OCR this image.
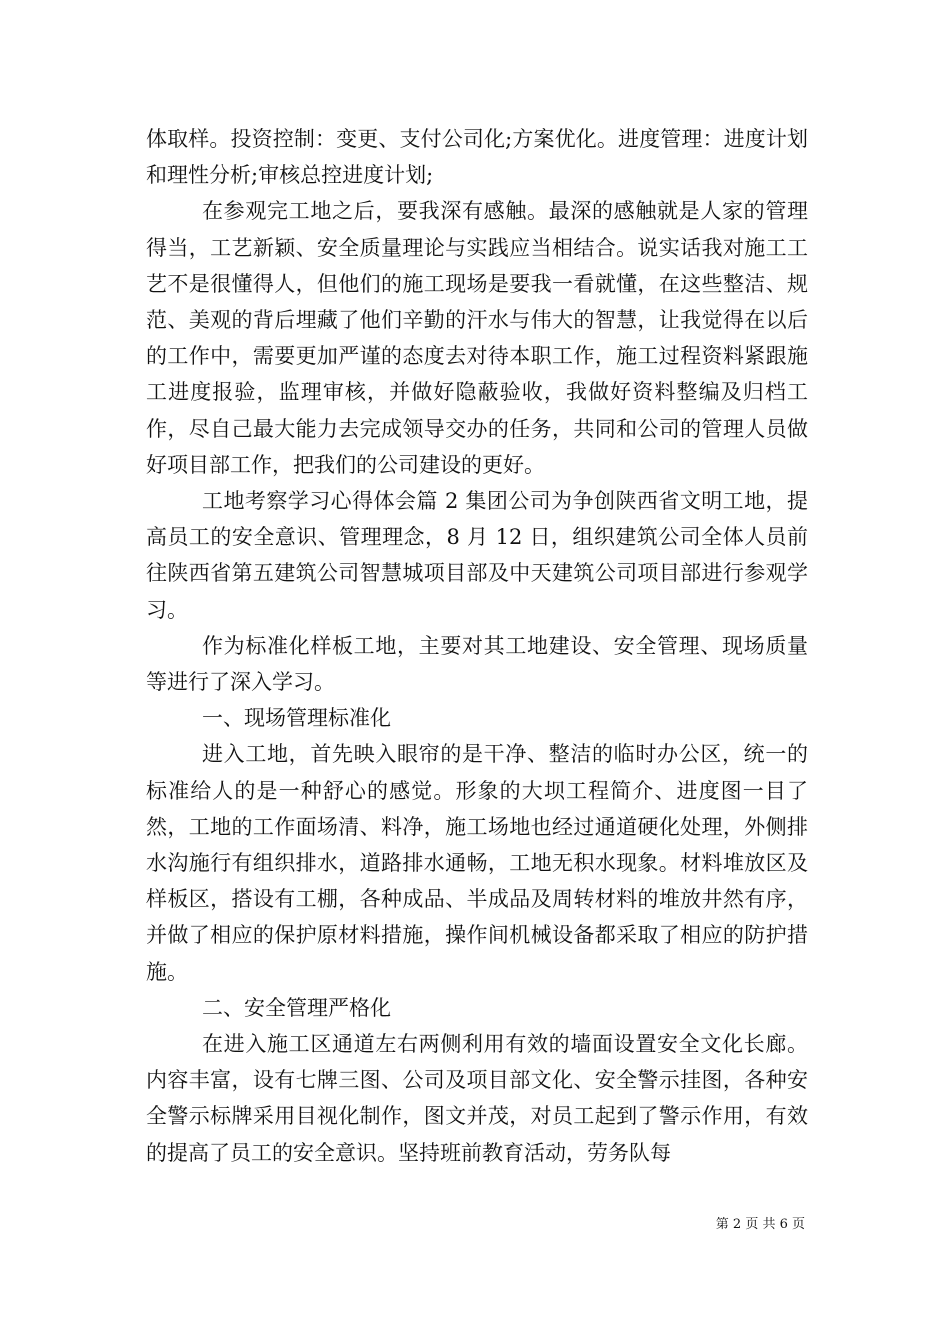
体取样。投资控制：变更、支付公司化;方案优化。进度管理：进度计划和理性分析;审核总控进度计划;

在参观完工地之后，要我深有感触。最深的感触就是人家的管理得当，工艺新颖、安全质量理论与实践应当相结合。说实话我对施工工艺不是很懂得人，但他们的施工现场是要我一看就懂，在这些整洁、规范、美观的背后埋藏了他们辛勤的汗水与伟大的智慧，让我觉得在以后的工作中，需要更加严谨的态度去对待本职工作，施工过程资料紧跟施工进度报验，监理审核，并做好隐蔽验收，我做好资料整编及归档工作，尽自己最大能力去完成领导交办的任务，共同和公司的管理人员做好项目部工作，把我们的公司建设的更好。

工地考察学习心得体会篇 2 集团公司为争创陕西省文明工地，提高员工的安全意识、管理理念，8 月 12 日，组织建筑公司全体人员前往陕西省第五建筑公司智慧城项目部及中天建筑公司项目部进行参观学习。

作为标准化样板工地，主要对其工地建设、安全管理、现场质量等进行了深入学习。

一、现场管理标准化

进入工地，首先映入眼帘的是干净、整洁的临时办公区，统一的标准给人的是一种舒心的感觉。形象的大坝工程简介、进度图一目了然，工地的工作面场清、料净，施工场地也经过通道硬化处理，外侧排水沟施行有组织排水，道路排水通畅，工地无积水现象。材料堆放区及样板区，搭设有工棚，各种成品、半成品及周转材料的堆放井然有序，并做了相应的保护原材料措施，操作间机械设备都采取了相应的防护措施。

二、安全管理严格化

在进入施工区通道左右两侧利用有效的墙面设置安全文化长廊。内容丰富，设有七牌三图、公司及项目部文化、安全警示挂图，各种安全警示标牌采用目视化制作，图文并茂，对员工起到了警示作用，有效的提高了员工的安全意识。坚持班前教育活动，劳务队每

第 2 页 共 6 页
